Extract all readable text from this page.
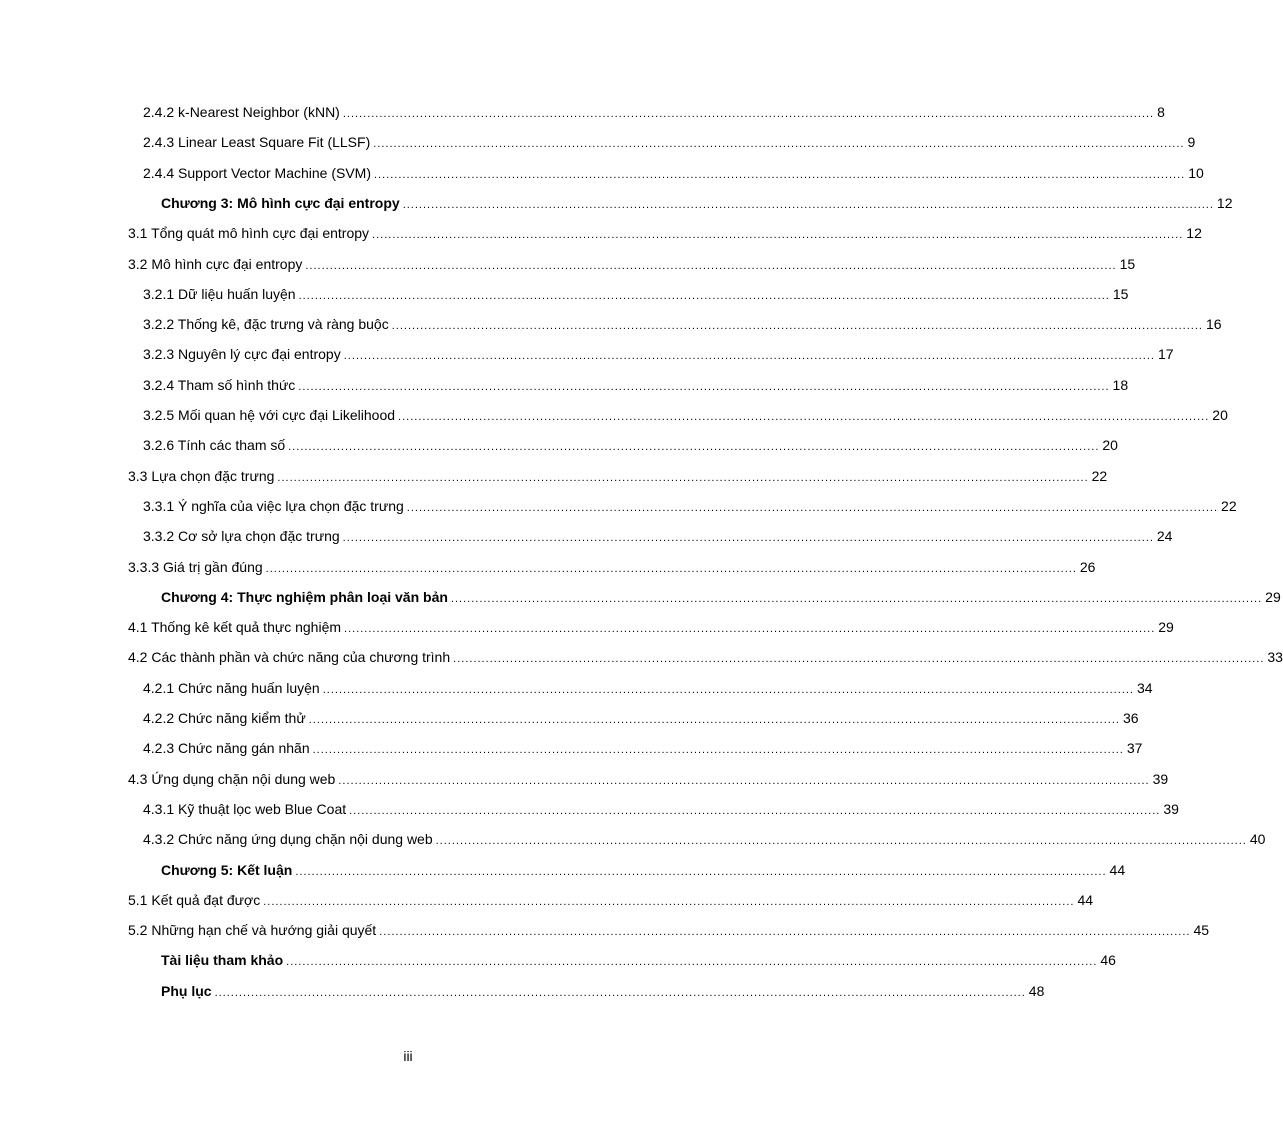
2.4.2 k-Nearest Neighbor (kNN) ........................................................................................................................................................................................................ 8
2.4.3 Linear Least Square Fit (LLSF) ........................................................................................................................................................................................................ 9
2.4.4 Support Vector Machine (SVM) ........................................................................................................................................................................................................ 10
Chương 3: Mô hình cực đại entropy ........................................................................................................................................................................................................ 12
3.1 Tổng quát mô hình cực đại entropy ........................................................................................................................................................................................................ 12
3.2 Mô hình cực đại entropy ........................................................................................................................................................................................................ 15
3.2.1 Dữ liệu huấn luyện ........................................................................................................................................................................................................ 15
3.2.2 Thống kê, đặc trưng và ràng buộc ........................................................................................................................................................................................................ 16
3.2.3 Nguyên lý cực đại entropy ........................................................................................................................................................................................................ 17
3.2.4 Tham số hình thức ........................................................................................................................................................................................................ 18
3.2.5 Mối quan hệ với cực đại Likelihood ........................................................................................................................................................................................................ 20
3.2.6 Tính các tham số ........................................................................................................................................................................................................ 20
3.3 Lựa chọn đặc trưng ........................................................................................................................................................................................................ 22
3.3.1 Ý nghĩa của việc lựa chọn đặc trưng ........................................................................................................................................................................................................ 22
3.3.2 Cơ sở lựa chọn đặc trưng ........................................................................................................................................................................................................ 24
3.3.3 Giá trị gần đúng ........................................................................................................................................................................................................ 26
Chương 4: Thực nghiệm phân loại văn bản ........................................................................................................................................................................................................ 29
4.1 Thống kê kết quả thực nghiệm ........................................................................................................................................................................................................ 29
4.2 Các thành phần và chức năng của chương trình ........................................................................................................................................................................................................ 33
4.2.1 Chức năng huấn luyện ........................................................................................................................................................................................................ 34
4.2.2 Chức năng kiểm thử ........................................................................................................................................................................................................ 36
4.2.3 Chức năng gán nhãn ........................................................................................................................................................................................................ 37
4.3 Ứng dụng chặn nội dung web ........................................................................................................................................................................................................ 39
4.3.1 Kỹ thuật lọc web Blue Coat ........................................................................................................................................................................................................ 39
4.3.2 Chức năng ứng dụng chặn nội dung web ........................................................................................................................................................................................................ 40
Chương 5: Kết luận ........................................................................................................................................................................................................ 44
5.1 Kết quả đạt được ........................................................................................................................................................................................................ 44
5.2 Những hạn chế và hướng giải quyết ........................................................................................................................................................................................................ 45
Tài liệu tham khảo ........................................................................................................................................................................................................ 46
Phụ lục ........................................................................................................................................................................................................ 48
iii
